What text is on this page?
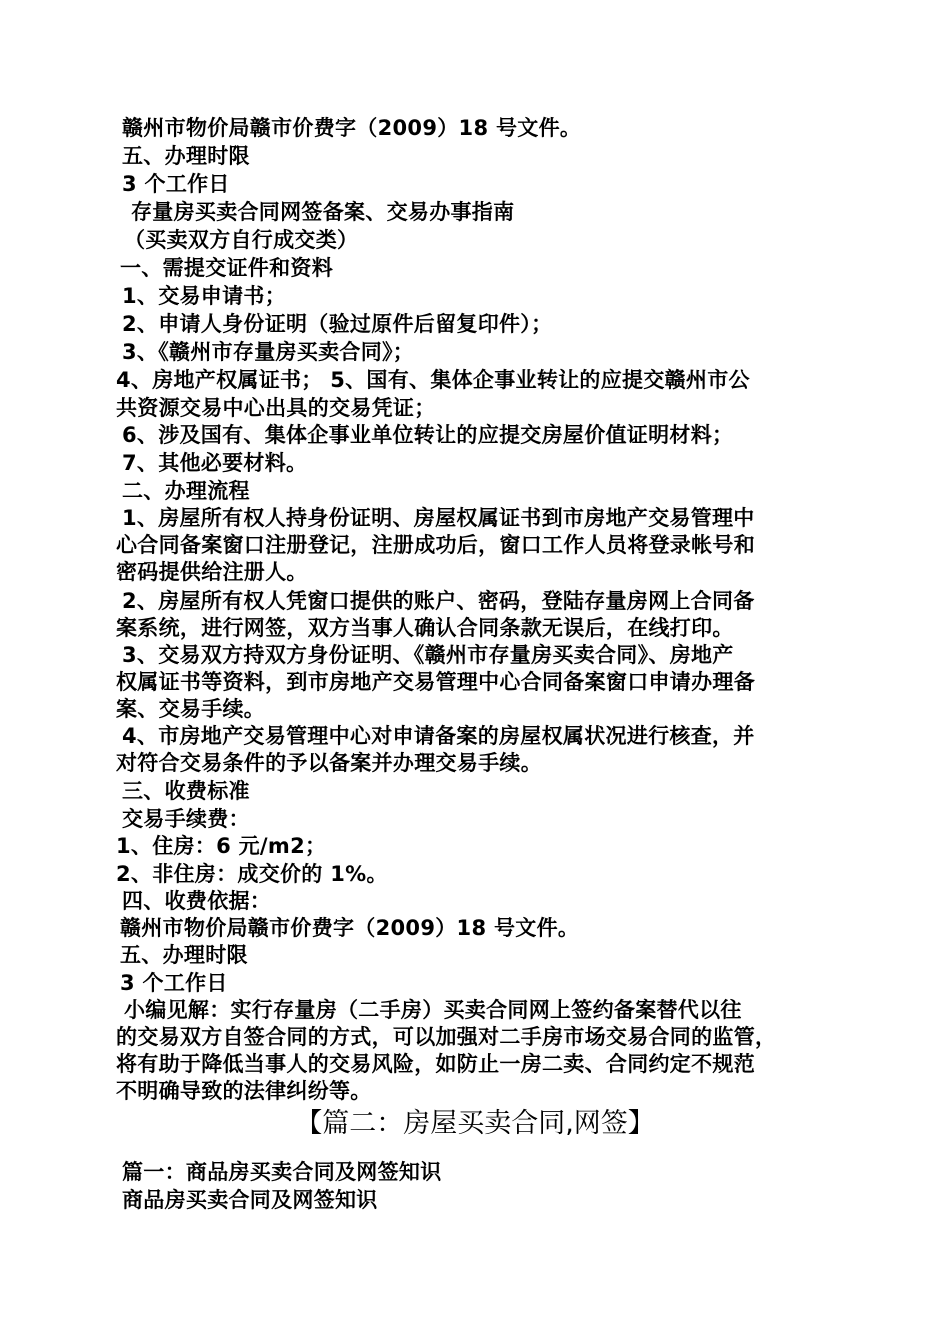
赣州市物价局赣市价费字（2009）18 号文件。
五、办理时限
3 个工作日
存量房买卖合同网签备案、交易办事指南
（买卖双方自行成交类）
一、需提交证件和资料
1、交易申请书；
2、申请人身份证明（验过原件后留复印件）；
3、《赣州市存量房买卖合同》；
4、房地产权属证书； 5、国有、集体企事业转让的应提交赣州市公
共资源交易中心出具的交易凭证；
6、涉及国有、集体企事业单位转让的应提交房屋价值证明材料；
7、其他必要材料。
二、办理流程
1、房屋所有权人持身份证明、房屋权属证书到市房地产交易管理中
心合同备案窗口注册登记，注册成功后，窗口工作人员将登录帐号和
密码提供给注册人。
2、房屋所有权人凭窗口提供的账户、密码，登陆存量房网上合同备
案系统，进行网签，双方当事人确认合同条款无误后，在线打印。
3、交易双方持双方身份证明、《赣州市存量房买卖合同》、房地产
权属证书等资料，到市房地产交易管理中心合同备案窗口申请办理备
案、交易手续。
4、市房地产交易管理中心对申请备案的房屋权属状况进行核查，并
对符合交易条件的予以备案并办理交易手续。
三、收费标准
交易手续费：
1、住房：6 元/m2；
2、非住房：成交价的 1%。
四、收费依据：
赣州市物价局赣市价费字（2009）18 号文件。
五、办理时限
3 个工作日
小编见解：实行存量房（二手房）买卖合同网上签约备案替代以往
的交易双方自签合同的方式，可以加强对二手房市场交易合同的监管，
将有助于降低当事人的交易风险，如防止一房二卖、合同约定不规范
不明确导致的法律纠纷等。
【篇二：房屋买卖合同,网签】
篇一：商品房买卖合同及网签知识
商品房买卖合同及网签知识
